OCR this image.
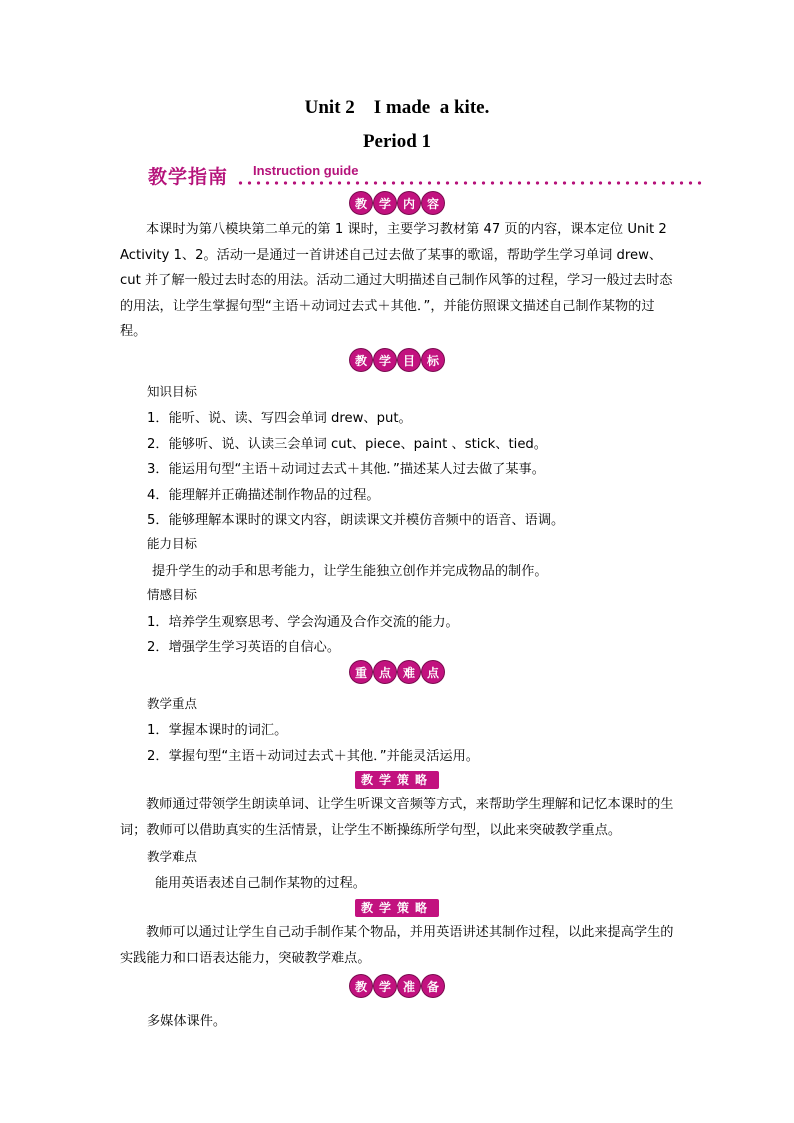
Unit 2    I made  a kite.
Period 1
教学指南 Instruction guide
教 学 内 容
本课时为第八模块第二单元的第 1 课时，主要学习教材第 47 页的内容，课本定位 Unit 2 Activity 1、2。活动一是通过一首讲述自己过去做了某事的歌谣，帮助学生学习单词 drew、cut 并了解一般过去时态的用法。活动二通过大明描述自己制作风筝的过程，学习一般过去时态的用法，让学生掌握句型“主语＋动词过去式＋其他．”，并能仿照课文描述自己制作某物的过程。
教 学 目 标
知识目标
1．能听、说、读、写四会单词 drew、put。
2．能够听、说、认读三会单词 cut、piece、paint 、stick、tied。
3．能运用句型“主语＋动词过去式＋其他．”描述某人过去做了某事。
4．能理解并正确描述制作物品的过程。
5．能够理解本课时的课文内容，朗读课文并模仿音频中的语音、语调。
能力目标
提升学生的动手和思考能力，让学生能独立创作并完成物品的制作。
情感目标
1．培养学生观察思考、学会沟通及合作交流的能力。
2．增强学生学习英语的自信心。
重 点 难 点
教学重点
1．掌握本课时的词汇。
2．掌握句型“主语＋动词过去式＋其他．”并能灵活运用。
教学策略
教师通过带领学生朗读单词、让学生听课文音频等方式，来帮助学生理解和记忆本课时的生词；教师可以借助真实的生活情景，让学生不断操练所学句型，以此来突破教学重点。
教学难点
能用英语表述自己制作某物的过程。
教学策略
教师可以通过让学生自己动手制作某个物品，并用英语讲述其制作过程，以此来提高学生的实践能力和口语表达能力，突破教学难点。
教 学 准 备
多媒体课件。
